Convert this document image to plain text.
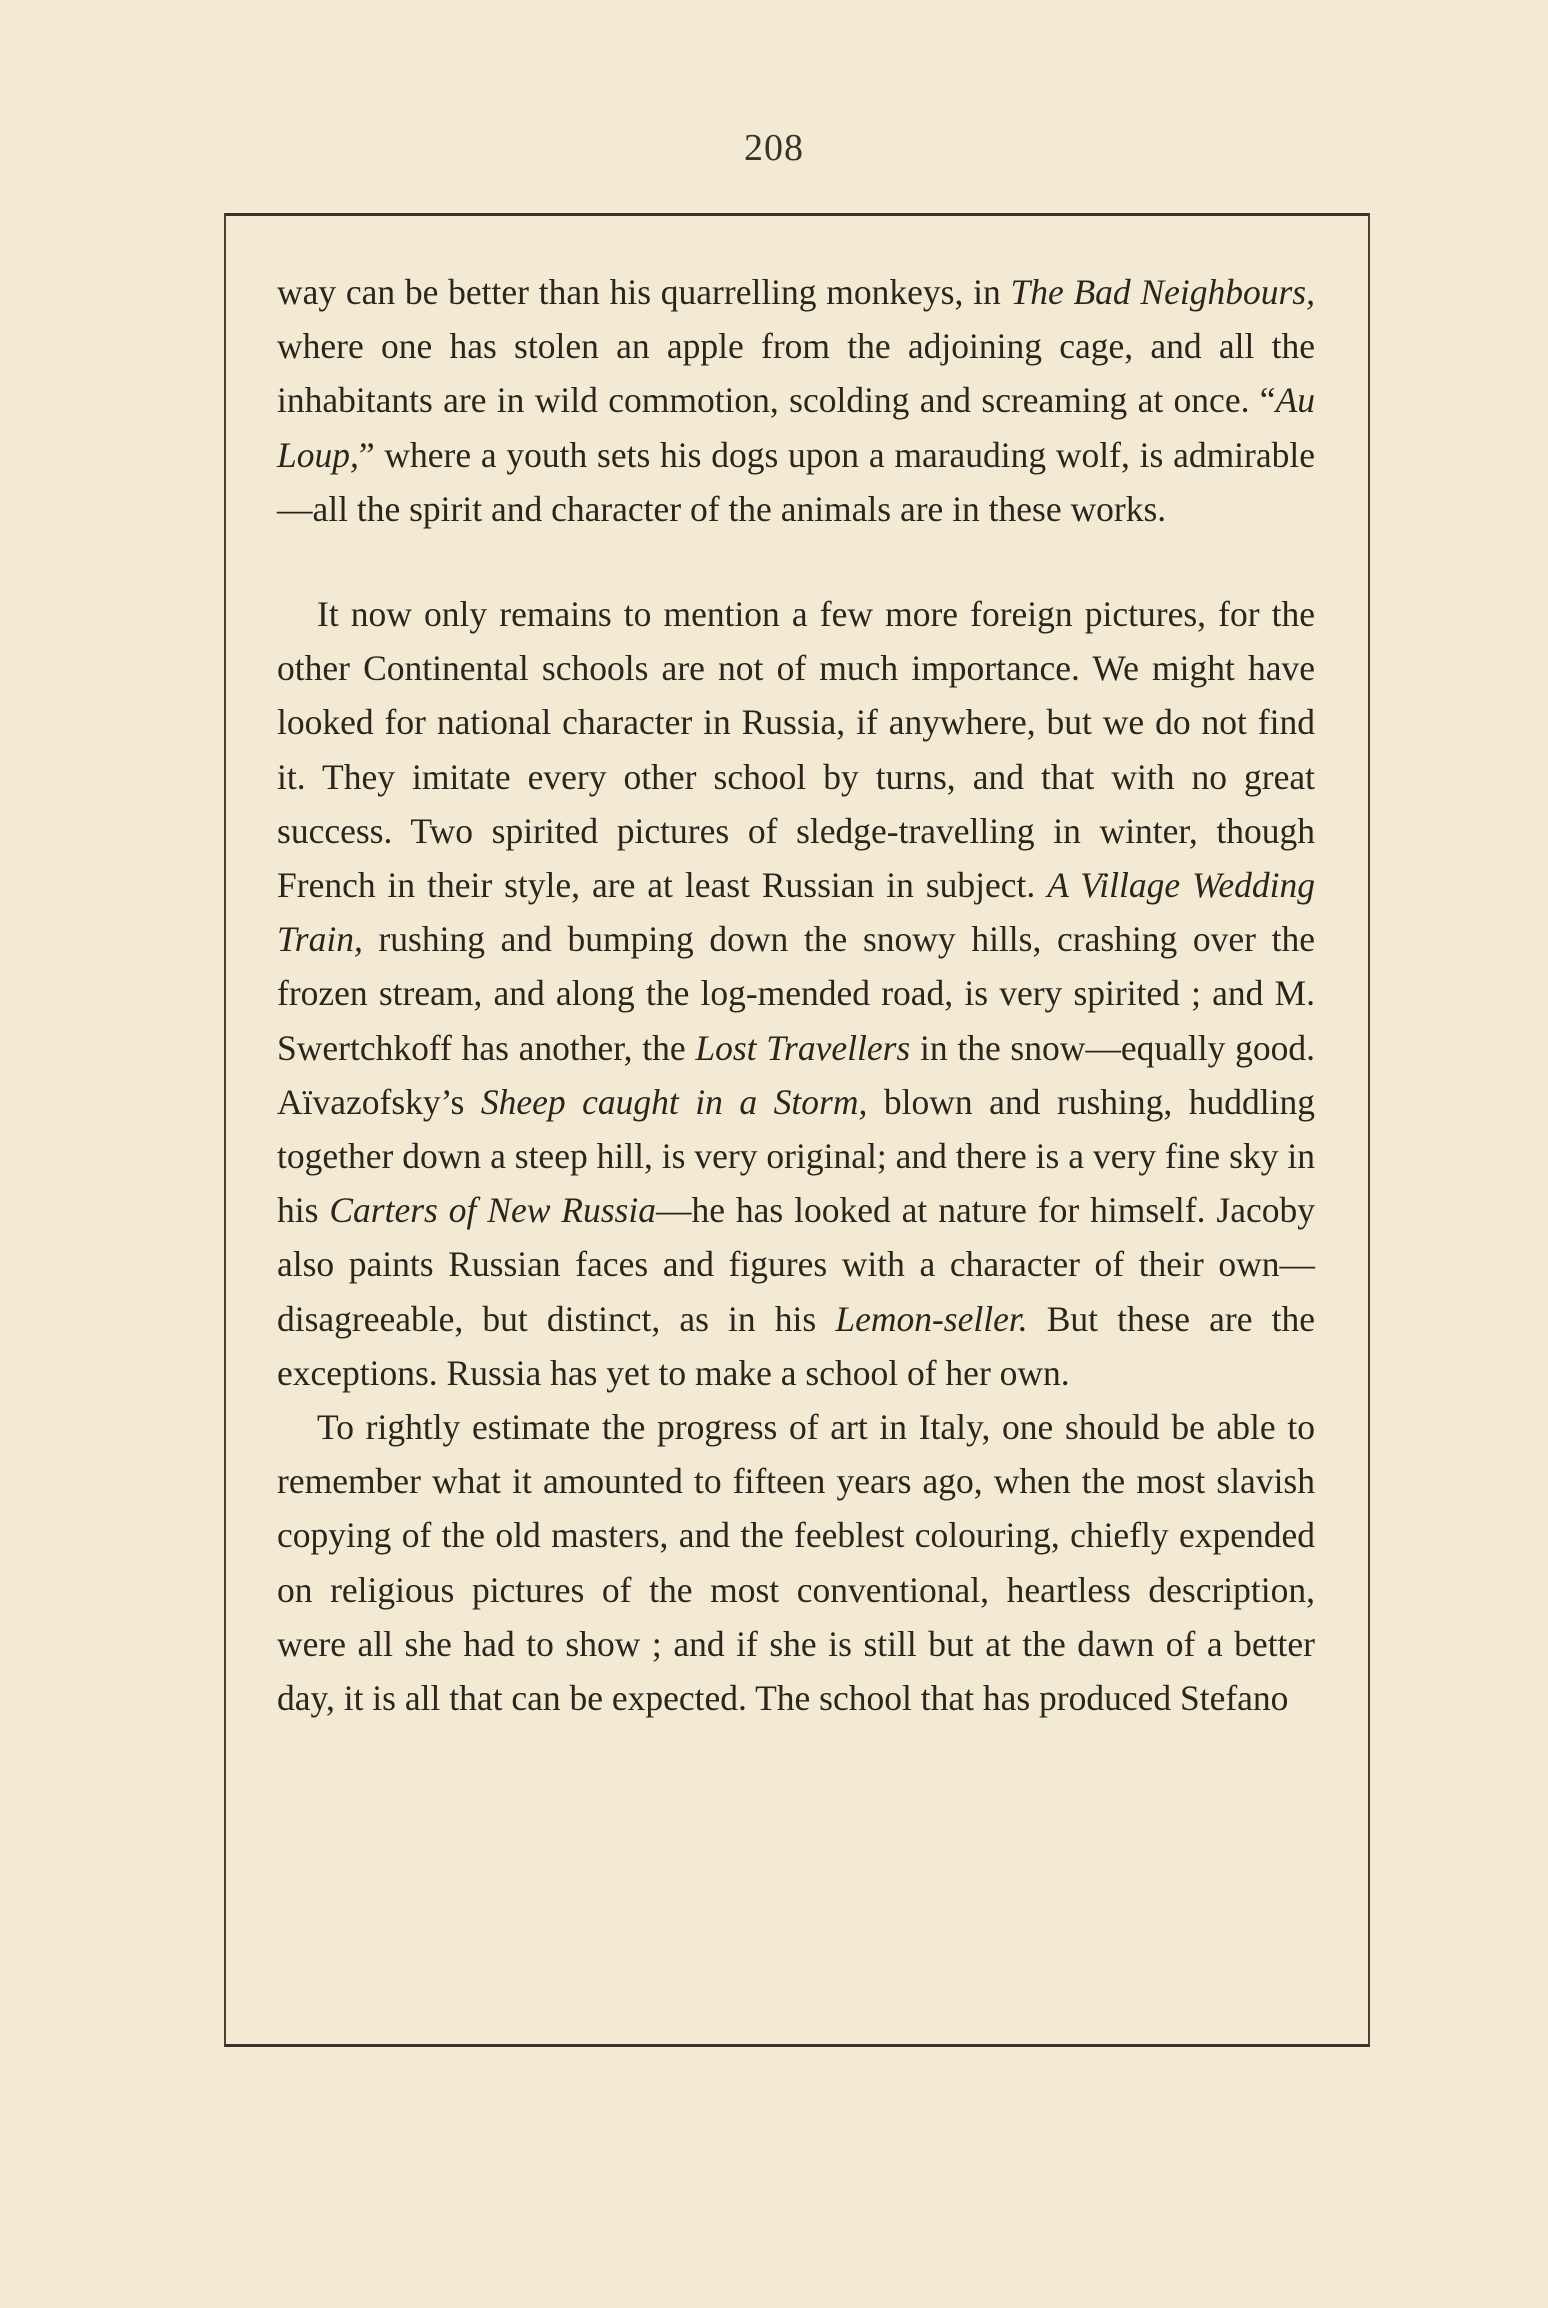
208

way can be better than his quarrelling monkeys, in The Bad Neighbours, where one has stolen an apple from the adjoining cage, and all the inhabitants are in wild commotion, scolding and screaming at once. “Au Loup,” where a youth sets his dogs upon a marauding wolf, is admirable—all the spirit and character of the animals are in these works.

It now only remains to mention a few more foreign pictures, for the other Continental schools are not of much importance. We might have looked for national character in Russia, if anywhere, but we do not find it. They imitate every other school by turns, and that with no great success. Two spirited pictures of sledge-travelling in winter, though French in their style, are at least Russian in subject. A Village Wedding Train, rushing and bumping down the snowy hills, crashing over the frozen stream, and along the log-mended road, is very spirited ; and M. Swertchkoff has another, the Lost Travellers in the snow—equally good. Aïvazofsky’s Sheep caught in a Storm, blown and rushing, huddling together down a steep hill, is very original; and there is a very fine sky in his Carters of New Russia—he has looked at nature for himself. Jacoby also paints Russian faces and figures with a character of their own—disagreeable, but distinct, as in his Lemon-seller. But these are the exceptions. Russia has yet to make a school of her own.

To rightly estimate the progress of art in Italy, one should be able to remember what it amounted to fifteen years ago, when the most slavish copying of the old masters, and the feeblest colouring, chiefly expended on religious pictures of the most conventional, heartless description, were all she had to show ; and if she is still but at the dawn of a better day, it is all that can be expected. The school that has produced Stefano
